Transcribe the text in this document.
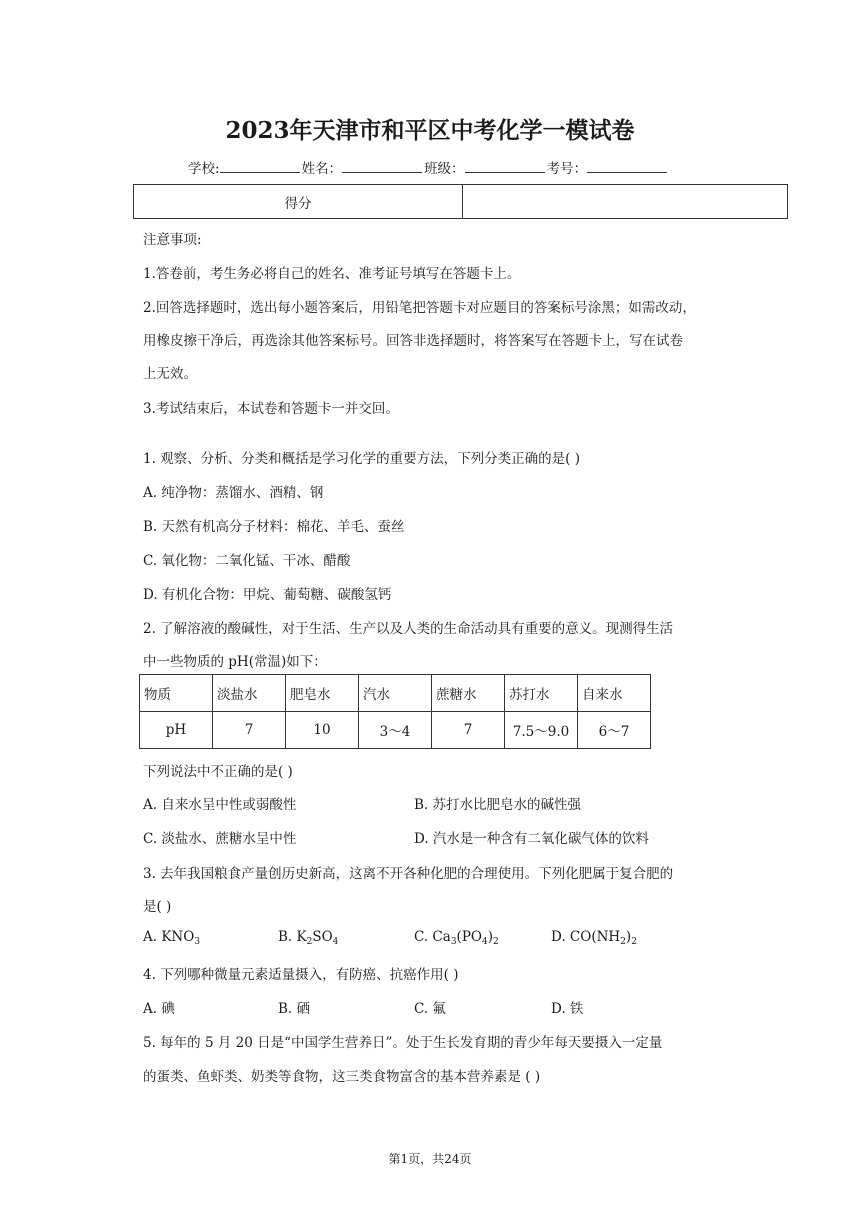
2023年天津市和平区中考化学一模试卷
学校:	姓名：	班级：	考号：
得分	
注意事项:
1.答卷前，考生务必将自己的姓名、准考证号填写在答题卡上。
2.回答选择题时，选出每小题答案后，用铅笔把答题卡对应题目的答案标号涂黑；如需改动，
用橡皮擦干净后，再选涂其他答案标号。回答非选择题时，将答案写在答题卡上，写在试卷
上无效。
3.考试结束后，本试卷和答题卡一并交回。
1. 观察、分析、分类和概括是学习化学的重要方法，下列分类正确的是( )
A. 纯净物：蒸馏水、酒精、钢
B. 天然有机高分子材料：棉花、羊毛、蚕丝
C. 氧化物：二氧化锰、干冰、醋酸
D. 有机化合物：甲烷、葡萄糖、碳酸氢钙
2. 了解溶液的酸碱性，对于生活、生产以及人类的生命活动具有重要的意义。现测得生活
中一些物质的 pH(常温)如下：
物质	淡盐水	肥皂水	汽水	蔗糖水	苏打水	自来水
pH	7	10	3～4	7	7.5～9.0	6～7
下列说法中不正确的是( )
A. 自来水呈中性或弱酸性	B. 苏打水比肥皂水的碱性强
C. 淡盐水、蔗糖水呈中性	D. 汽水是一种含有二氧化碳气体的饮料
3. 去年我国粮食产量创历史新高，这离不开各种化肥的合理使用。下列化肥属于复合肥的
是( )
A. $KNO_3$	B. $K_2SO_4$	C. $Ca_3(PO_4)_2$	D. $CO(NH_2)_2$
4. 下列哪种微量元素适量摄入，有防癌、抗癌作用( )
A. 碘	B. 硒	C. 氟	D. 铁
5. 每年的 5 月 20 日是“中国学生营养日”。处于生长发育期的青少年每天要摄入一定量
的蛋类、鱼虾类、奶类等食物，这三类食物富含的基本营养素是 ( )
第1页，共24页
